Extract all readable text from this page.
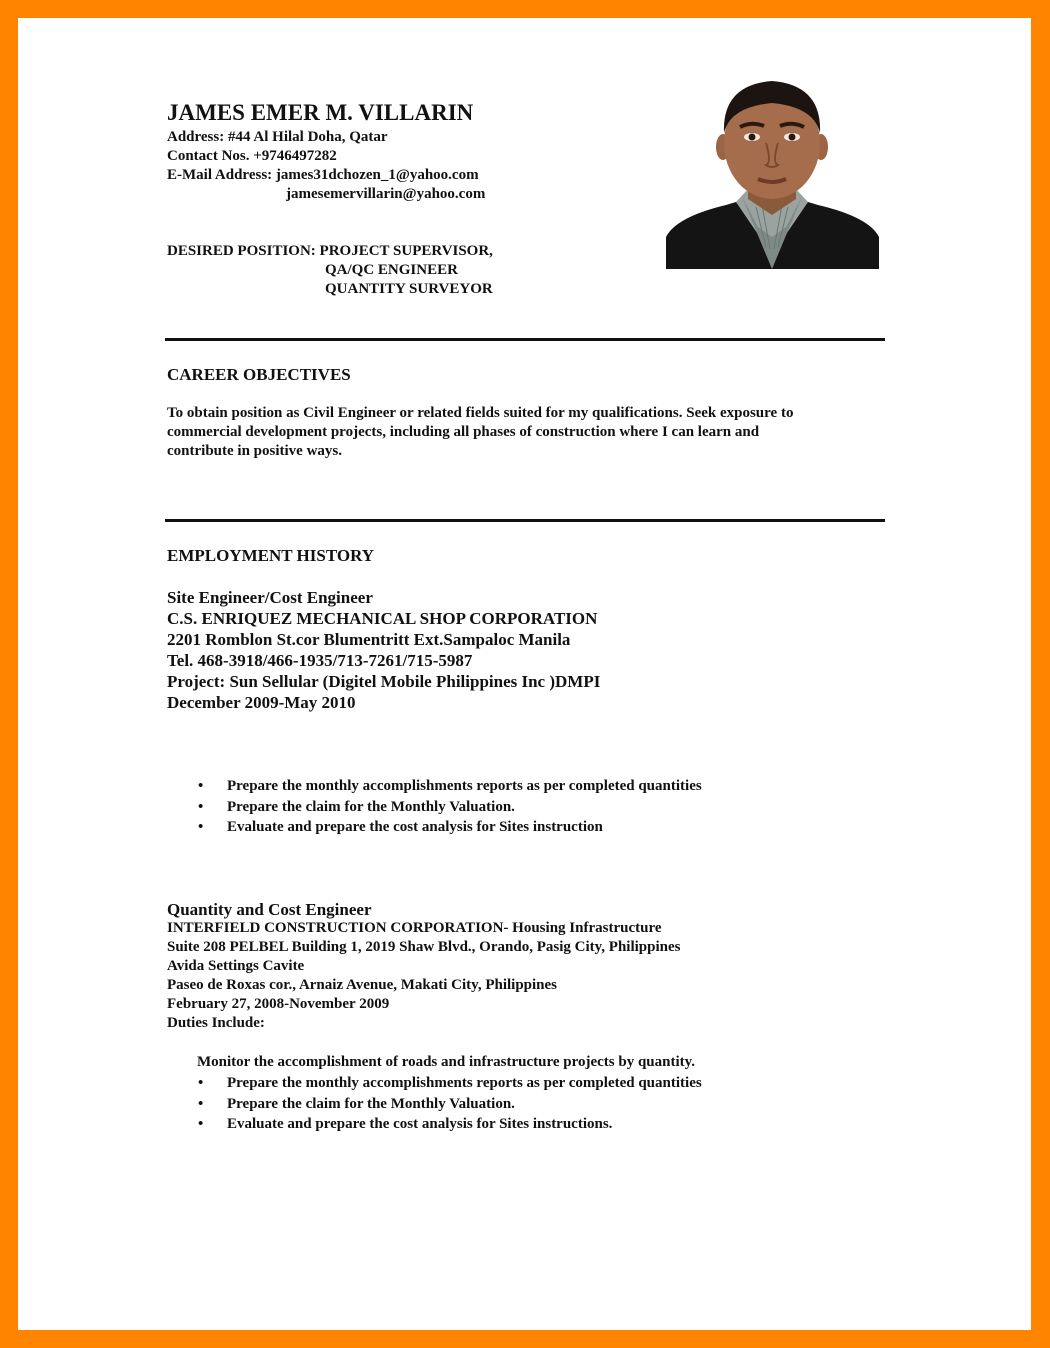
JAMES EMER M. VILLARIN
Address: #44 Al Hilal Doha, Qatar
Contact Nos. +9746497282
E-Mail Address: james31dchozen_1@yahoo.com
jamesemervillarin@yahoo.com
DESIRED POSITION: PROJECT SUPERVISOR,
QA/QC ENGINEER
QUANTITY SURVEYOR
CAREER OBJECTIVES
To obtain position as Civil Engineer or related fields suited for my qualifications. Seek exposure to
commercial development projects, including all phases of construction where I can learn and
contribute in positive ways.
EMPLOYMENT HISTORY
Site Engineer/Cost Engineer
C.S. ENRIQUEZ MECHANICAL SHOP CORPORATION
2201 Romblon St.cor Blumentritt Ext.Sampaloc Manila
Tel. 468-3918/466-1935/713-7261/715-5987
Project: Sun Sellular (Digitel Mobile Philippines Inc )DMPI
December 2009-May 2010
• Prepare the monthly accomplishments reports as per completed quantities
• Prepare the claim for the Monthly Valuation.
• Evaluate and prepare the cost analysis for Sites instruction
Quantity and Cost Engineer
INTERFIELD CONSTRUCTION CORPORATION- Housing Infrastructure
Suite 208 PELBEL Building 1, 2019 Shaw Blvd., Orando, Pasig City, Philippines
Avida Settings Cavite
Paseo de Roxas cor., Arnaiz Avenue, Makati City, Philippines
February 27, 2008-November 2009
Duties Include:
Monitor the accomplishment of roads and infrastructure projects by quantity.
• Prepare the monthly accomplishments reports as per completed quantities
• Prepare the claim for the Monthly Valuation.
• Evaluate and prepare the cost analysis for Sites instructions.
